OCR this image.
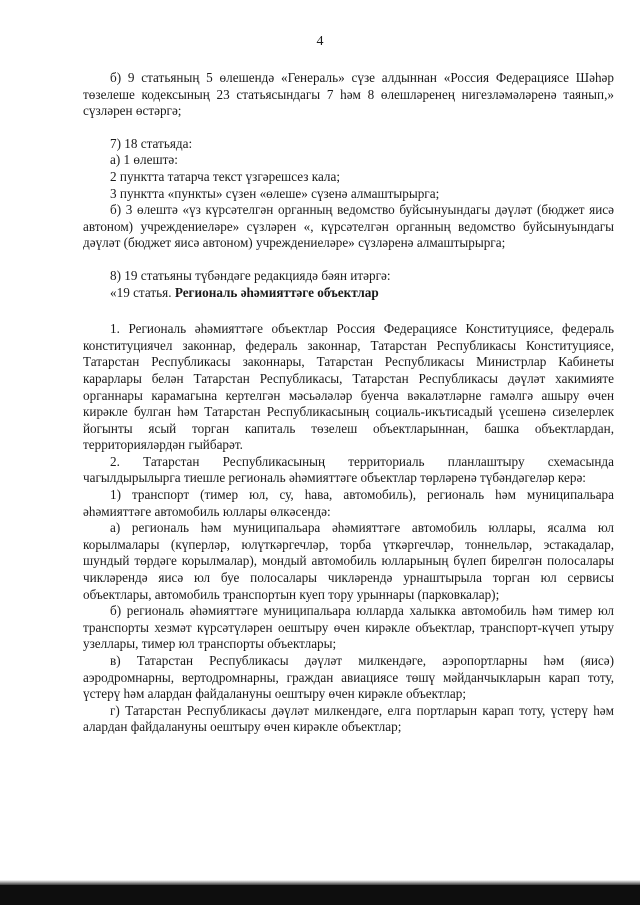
4

б) 9 статьяның 5 өлешендә «Генераль» сүзе алдыннан «Россия Федерациясе Шәһәр төзелеше кодексының 23 статьясындагы 7 һәм 8 өлешләренең нигезләмәләренә таянып,» сүзләрен өстәргә;

7) 18 статьяда:

а) 1 өлештә:

2 пунктта татарча текст үзгәрешсез кала;

3 пунктта «пункты» сүзен «өлеше» сүзенә алмаштырырга;

б) 3 өлештә «үз күрсәтелгән органның ведомство буйсынуындагы дәүләт (бюджет яисә автоном) учреждениеләре» сүзләрен «, күрсәтелгән органның ведомство буйсынуындагы дәүләт (бюджет яисә автоном) учреждениеләре» сүзләренә алмаштырырга;

8) 19 статьяны түбәндәге редакциядә бәян итәргә:

«19 статья. Региональ әһәмияттәге объектлар

1. Региональ әһәмияттәге объектлар Россия Федерациясе Конституциясе, федераль конституциячел законнар, федераль законнар, Татарстан Республикасы Конституциясе, Татарстан Республикасы законнары, Татарстан Республикасы Министрлар Кабинеты карарлары белән Татарстан Республикасы, Татарстан Республикасы дәүләт хакимияте органнары карамагына кертелгән мәсьәләләр буенча вәкаләтләрне гамәлгә ашыру өчен кирәкле булган һәм Татарстан Республикасының социаль-икътисадый үсешенә сизелерлек йогынты ясый торган капиталь төзелеш объектларыннан, башка объектлардан, территорияләрдән гыйбарәт.

2. Татарстан Республикасының территориаль планлаштыру схемасында чагылдырылырга тиешле региональ әһәмияттәге объектлар төрләренә түбәндәгеләр керә:

1) транспорт (тимер юл, су, һава, автомобиль), региональ һәм муниципальара әһәмияттәге автомобиль юллары өлкәсендә:

а) региональ һәм муниципальара әһәмияттәге автомобиль юллары, ясалма юл корылмалары (күперләр, юлүткәргечләр, торба үткәргечләр, тоннельләр, эстакадалар, шундый төрдәге корылмалар), мондый автомобиль юлларының бүлеп бирелгән полосалары чикләрендә яисә юл буе полосалары чикләрендә урнаштырыла торган юл сервисы объектлары, автомобиль транспортын куеп тору урыннары (парковкалар);

б) региональ әһәмияттәге муниципальара юлларда халыкка автомобиль һәм тимер юл транспорты хезмәт күрсәтүләрен оештыру өчен кирәкле объектлар, транспорт-күчеп утыру узеллары, тимер юл транспорты объектлары;

в) Татарстан Республикасы дәүләт милкендәге, аэропортларны һәм (яисә) аэродромнарны, вертодромнарны, граждан авиациясе төшү мәйданчыкларын карап тоту, үстерү һәм алардан файдалануны оештыру өчен кирәкле объектлар;

г) Татарстан Республикасы дәүләт милкендәге, елга портларын карап тоту, үстерү һәм алардан файдалануны оештыру өчен кирәкле объектлар;
